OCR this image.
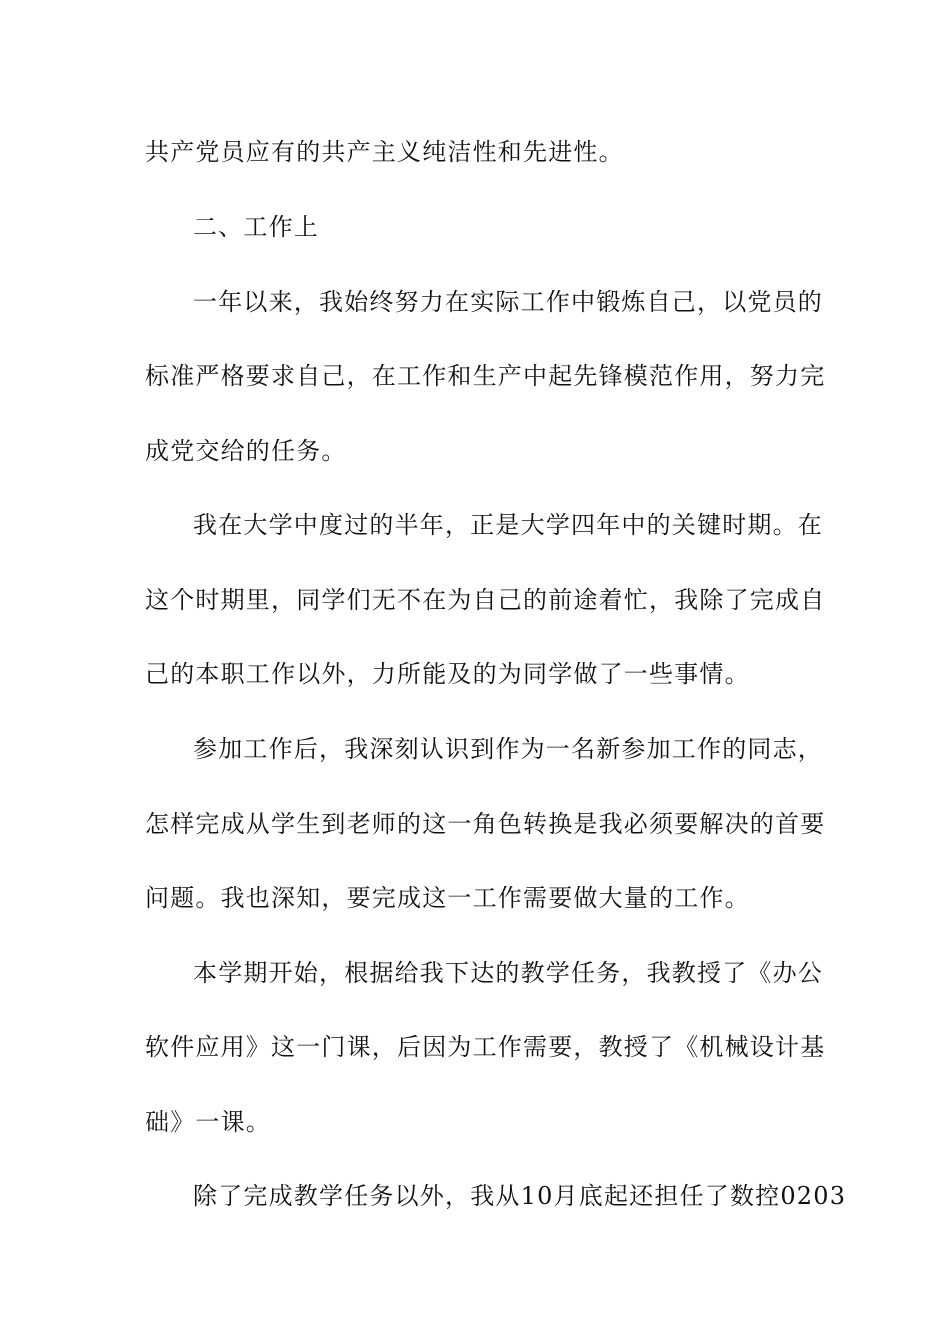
共产党员应有的共产主义纯洁性和先进性。
二、工作上
一年以来，我始终努力在实际工作中锻炼自己，以党员的
标准严格要求自己，在工作和生产中起先锋模范作用，努力完
成党交给的任务。
我在大学中度过的半年，正是大学四年中的关键时期。在
这个时期里，同学们无不在为自己的前途着忙，我除了完成自
己的本职工作以外，力所能及的为同学做了一些事情。
参加工作后，我深刻认识到作为一名新参加工作的同志，
怎样完成从学生到老师的这一角色转换是我必须要解决的首要
问题。我也深知，要完成这一工作需要做大量的工作。
本学期开始，根据给我下达的教学任务，我教授了《办公
软件应用》这一门课，后因为工作需要，教授了《机械设计基
础》一课。
除了完成教学任务以外，我从10月底起还担任了数控0203
